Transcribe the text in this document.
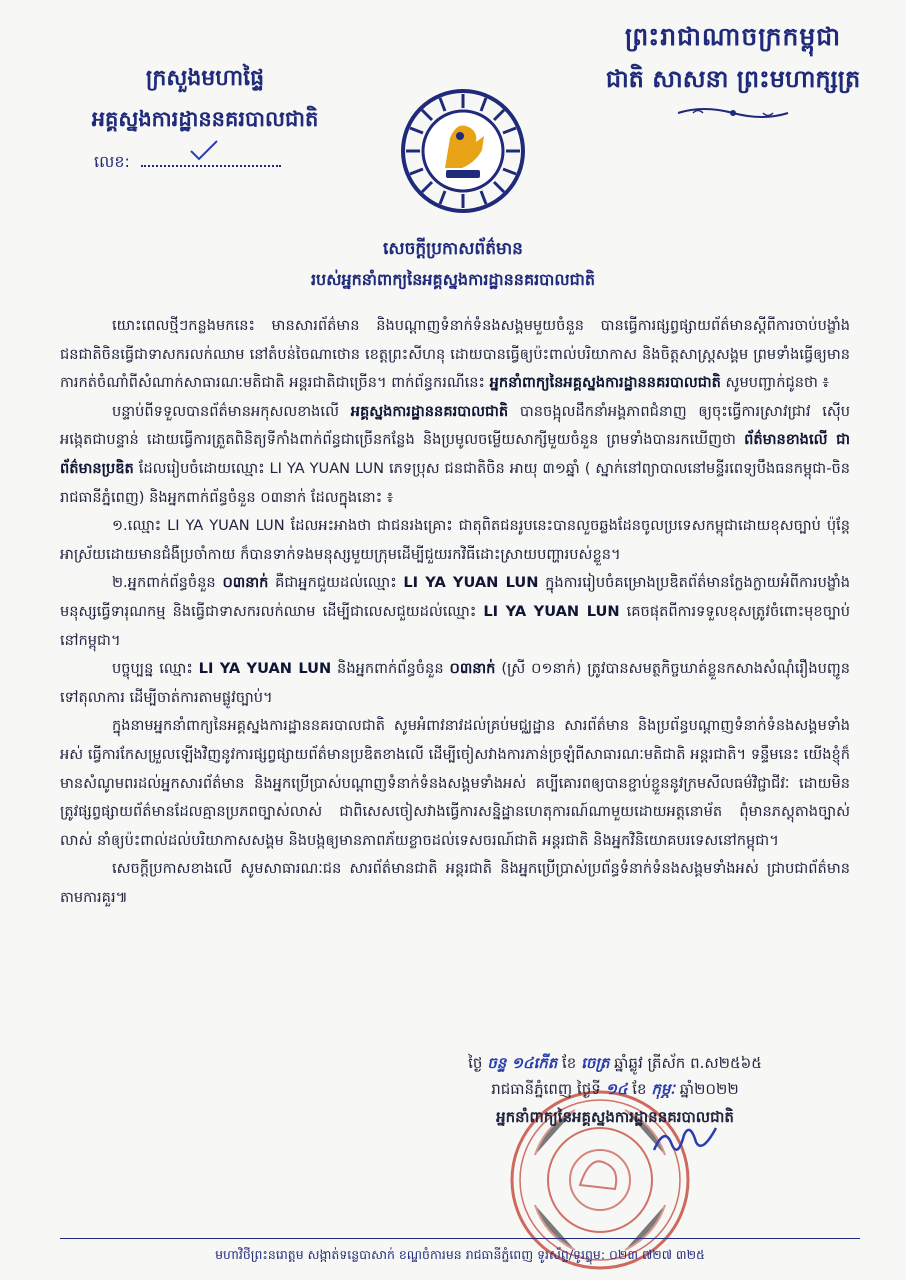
ព្រះរាជាណាចក្រកម្ពុជា
ជាតិ សាសនា ព្រះមហាក្សត្រ
ក្រសួងមហាផ្ទៃ
អគ្គស្នងការដ្ឋាននគរបាលជាតិ
លេខ:
សេចក្តីប្រកាសព័ត៌មាន
របស់អ្នកនាំពាក្យនៃអគ្គស្នងការដ្ឋាននគរបាលជាតិ

យោះពេលថ្មីៗកន្លងមកនេះ មានសារព័ត៌មាន និងបណ្តាញទំនាក់ទំនងសង្គមមួយចំនួន បានធ្វើការផ្សព្វផ្សាយព័ត៌មានស្តីពីការចាប់បង្ខាំងជនជាតិចិនធ្វើជាទាសករលក់ឈាម នៅតំបន់ចៃណាថោន ខេត្តព្រះសីហនុ ដោយបានធ្វើឲ្យប៉ះពាល់បរិយាកាស និងចិត្តសាស្ត្រសង្គម ព្រមទាំងធ្វើឲ្យមានការកត់ចំណាំពីសំណាក់សាធារណៈមតិជាតិ អន្តរជាតិជាច្រើន។ ពាក់ព័ន្ធករណីនេះ អ្នកនាំពាក្យនៃអគ្គស្នងការដ្ឋាននគរបាលជាតិ សូមបញ្ជាក់ជូនថា ៖

បន្ទាប់ពីទទួលបានព័ត៌មានអកុសលខាងលើ អគ្គស្នងការដ្ឋាននគរបាលជាតិ បានចង្អុលដឹកនាំអង្គភាពជំនាញ ឲ្យចុះធ្វើការស្រាវជ្រាវ ស៊ើបអង្កេតជាបន្ទាន់ ដោយធ្វើការត្រួតពិនិត្យទីកាំងពាក់ព័ន្ធជាច្រើនកន្លែង និងប្រមូលចម្លើយសាក្សីមួយចំនួន ព្រមទាំងបានរកឃើញថា ព័ត៌មានខាងលើ ជាព័ត៌មានប្រឌិត ដែលរៀបចំដោយឈ្មោះ LI YA YUAN LUN ភេទប្រុស ជនជាតិចិន អាយុ ៣១ឆ្នាំ ( ស្នាក់នៅព្យាបាលនៅមន្ទីរពេទ្យបឹងធនកម្ពុជា-ចិន រាជធានីភ្នំពេញ) និងអ្នកពាក់ព័ន្ធចំនួន ០៣នាក់ ដែលក្នុងនោះ ៖

១.ឈ្មោះ LI YA YUAN LUN ដែលអះអាងថា ជាជនរងគ្រោះ ជាតុពិតជនរូបនេះបានលួចឆ្លងដែនចូលប្រទេសកម្ពុជាដោយខុសច្បាប់ ប៉ុន្តែអាស្រ័យដោយមានជំងឺប្រចាំកាយ ក៏បានទាក់ទងមនុស្សមួយក្រុមដើម្បីជួយរកវិធីដោះស្រាយបញ្ហារបស់ខ្លួន។

២.អ្នកពាក់ព័ន្ធចំនួន ០៣នាក់ គឺជាអ្នកជួយដល់ឈ្មោះ LI YA YUAN LUN ក្នុងការរៀបចំគម្រោងប្រឌិតព័ត៌មានក្លែងក្លាយអំពីការបង្ខាំងមនុស្សធ្វើទារុណកម្ម និងធ្វើជាទាសករលក់ឈាម ដើម្បីជាលេសជួយដល់ឈ្មោះ LI YA YUAN LUN គេចផុតពីការទទួលខុសត្រូវចំពោះមុខច្បាប់នៅកម្ពុជា។

បច្ចុប្បន្ន ឈ្មោះ LI YA YUAN LUN និងអ្នកពាក់ព័ន្ធចំនួន ០៣នាក់ (ស្រី ០១នាក់) ត្រូវបានសមត្ថកិច្ចឃាត់ខ្លួនកសាងសំណុំរឿងបញ្ជូនទៅតុលាការ ដើម្បីចាត់ការតាមផ្លូវច្បាប់។

ក្នុងនាមអ្នកនាំពាក្យនៃអគ្គស្នងការដ្ឋាននគរបាលជាតិ សូមអំពាវនាវដល់គ្រប់មជ្ឈដ្ឋាន សារព័ត៌មាន និងប្រព័ន្ធបណ្តាញទំនាក់ទំនងសង្គមទាំងអស់ ធ្វើការកែសម្រួលឡើងវិញនូវការផ្សព្វផ្សាយព័ត៌មានប្រឌិតខាងលើ ដើម្បីចៀសវាងការភាន់ច្រឡំពីសាធារណៈមតិជាតិ អន្តរជាតិ។ ទន្ទឹមនេះ យើងខ្ញុំក៏មានសំណូមពរដល់អ្នកសារព័ត៌មាន និងអ្នកប្រើប្រាស់បណ្តាញទំនាក់ទំនងសង្គមទាំងអស់ គប្បីគោរពឲ្យបានខ្ជាប់ខ្ជួននូវក្រមសីលធម៌វិជ្ជាជីវៈ ដោយមិនត្រូវផ្សព្វផ្សាយព័ត៌មានដែលគ្មានប្រភពច្បាស់លាស់ ជាពិសេសចៀសវាងធ្វើការសន្និដ្ឋានហេតុការណ៍ណាមួយដោយអត្តនោម័ត ពុំមានភស្តុតាងច្បាស់លាស់ នាំឲ្យប៉ះពាល់ដល់បរិយាកាសសង្គម និងបង្កឲ្យមានភាពភ័យខ្លាចដល់ទេសចរណ៍ជាតិ អន្តរជាតិ និងអ្នកវិនិយោគបរទេសនៅកម្ពុជា។

សេចក្តីប្រកាសខាងលើ សូមសាធារណៈជន សារព័ត៌មានជាតិ អន្តរជាតិ និងអ្នកប្រើប្រាស់ប្រព័ន្ធទំនាក់ទំនងសង្គមទាំងអស់ ជ្រាបជាព័ត៌មានតាមការគួរ៕

ថ្ងៃ ចន្ទ ១៤កើត ខែ ចេត្រ ឆ្នាំឆ្លូវ ត្រីស័ក ព.ស២៥៦៥
រាជធានីភ្នំពេញ ថ្ងៃទី ១៤ ខែ កុម្ភៈ ឆ្នាំ២០២២
អ្នកនាំពាក្យនៃអគ្គស្នងការដ្ឋាននគរបាលជាតិ
មហាវិថីព្រះនរោត្តម សង្កាត់ទន្លេបាសាក់ ខណ្ឌចំការមន រាជធានីភ្នំពេញ ទូរស័ព្ទ/ទូរព្ទុម: ០២៣ ៧២៧ ៣២៥
